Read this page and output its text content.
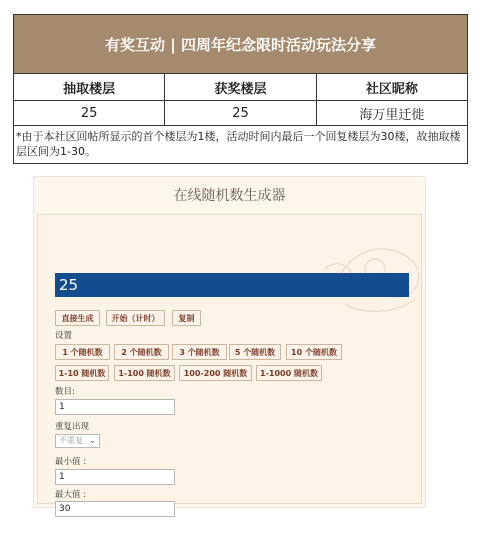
有奖互动 | 四周年纪念限时活动玩法分享
抽取楼层	获奖楼层	社区昵称
25	25	海万里迁徙
*由于本社区回帖所显示的首个楼层为1楼，活动时间内最后一个回复楼层为30楼，故抽取楼层区间为1-30。
在线随机数生成器
25
直接生成	开始（计时）	复制
设置
1 个随机数	2 个随机数	3 个随机数	5 个随机数	10 个随机数
1-10 随机数	1-100 随机数	100-200 随机数	1-1000 随机数
数目:
1
重复出现
不重复 ⌄
最小值 :
1
最大值 :
30
